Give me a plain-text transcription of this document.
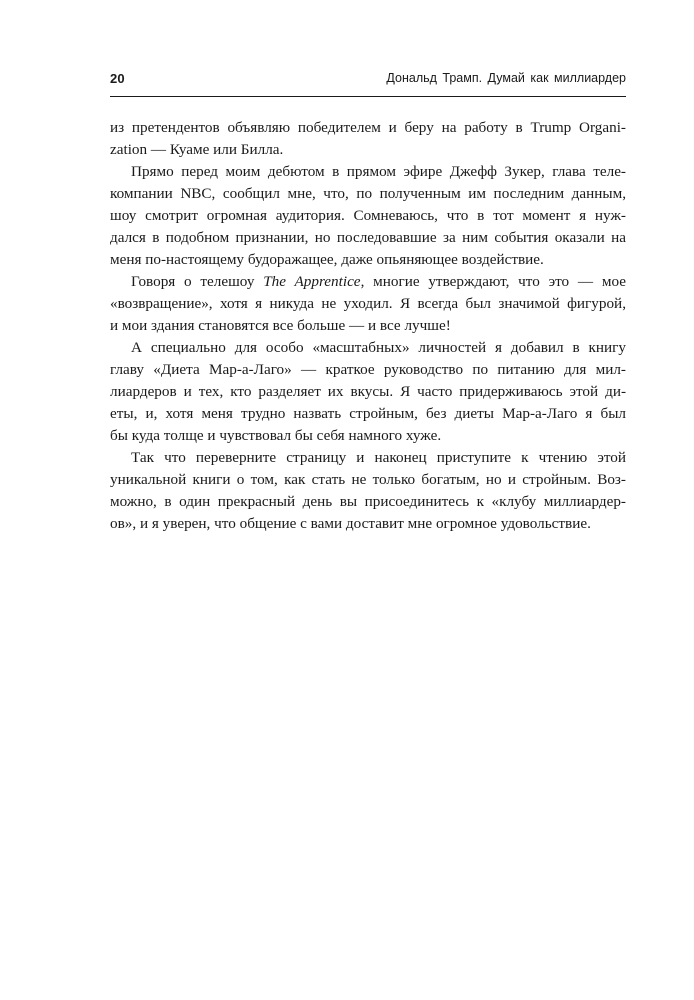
20	Дональд Трамп. Думай как миллиардер
из претендентов объявляю победителем и беру на работу в Trump Organi-
zation — Куаме или Билла.
Прямо перед моим дебютом в прямом эфире Джефф Зукер, глава теле-
компании NBC, сообщил мне, что, по полученным им последним данным,
шоу смотрит огромная аудитория. Сомневаюсь, что в тот момент я нуж-
дался в подобном признании, но последовавшие за ним события оказали на
меня по-настоящему будоражащее, даже опьяняющее воздействие.
Говоря о телешоу The Apprentice, многие утверждают, что это — мое
«возвращение», хотя я никуда не уходил. Я всегда был значимой фигурой,
и мои здания становятся все больше — и все лучше!
А специально для особо «масштабных» личностей я добавил в книгу
главу «Диета Мар-а-Лаго» — краткое руководство по питанию для мил-
лиардеров и тех, кто разделяет их вкусы. Я часто придерживаюсь этой ди-
еты, и, хотя меня трудно назвать стройным, без диеты Мар-а-Лаго я был
бы куда толще и чувствовал бы себя намного хуже.
Так что переверните страницу и наконец приступите к чтению этой
уникальной книги о том, как стать не только богатым, но и стройным. Воз-
можно, в один прекрасный день вы присоединитесь к «клубу миллиардер-
ов», и я уверен, что общение с вами доставит мне огромное удовольствие.
